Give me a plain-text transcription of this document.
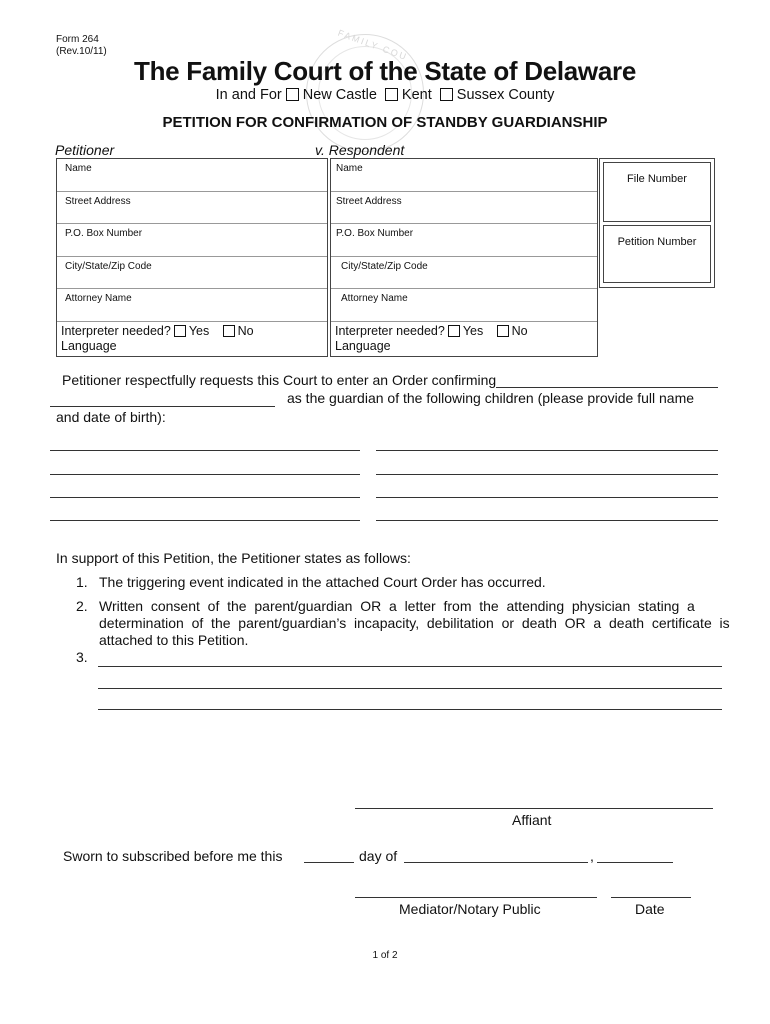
Form 264
(Rev.10/11)	FAMILY COU
The Family Court of the State of Delaware
In and For New Castle Kent Sussex County
PETITION FOR CONFIRMATION OF STANDBY GUARDIANSHIP
Petitioner	v. Respondent
Name
Street Address
P.O. Box Number
City/State/Zip Code
Attorney Name
Interpreter needed? Yes No
Language
Name
Street Address
P.O. Box Number
City/State/Zip Code
Attorney Name
Interpreter needed? Yes No
Language
File Number
Petition Number
Petitioner respectfully requests this Court to enter an Order confirming
as the guardian of the following children (please provide full name
and date of birth):
In support of this Petition, the Petitioner states as follows:
1. The triggering event indicated in the attached Court Order has occurred.
2. Written  consent  of  the  parent/guardian  OR  a  letter  from  the  attending  physician  stating  a
determination  of  the  parent/guardian’s  incapacity,  debilitation  or  death  OR  a  death  certificate  is
attached to this Petition.
3.
Affiant
Sworn to subscribed before me this	day of	,
Mediator/Notary Public	Date
1 of 2
